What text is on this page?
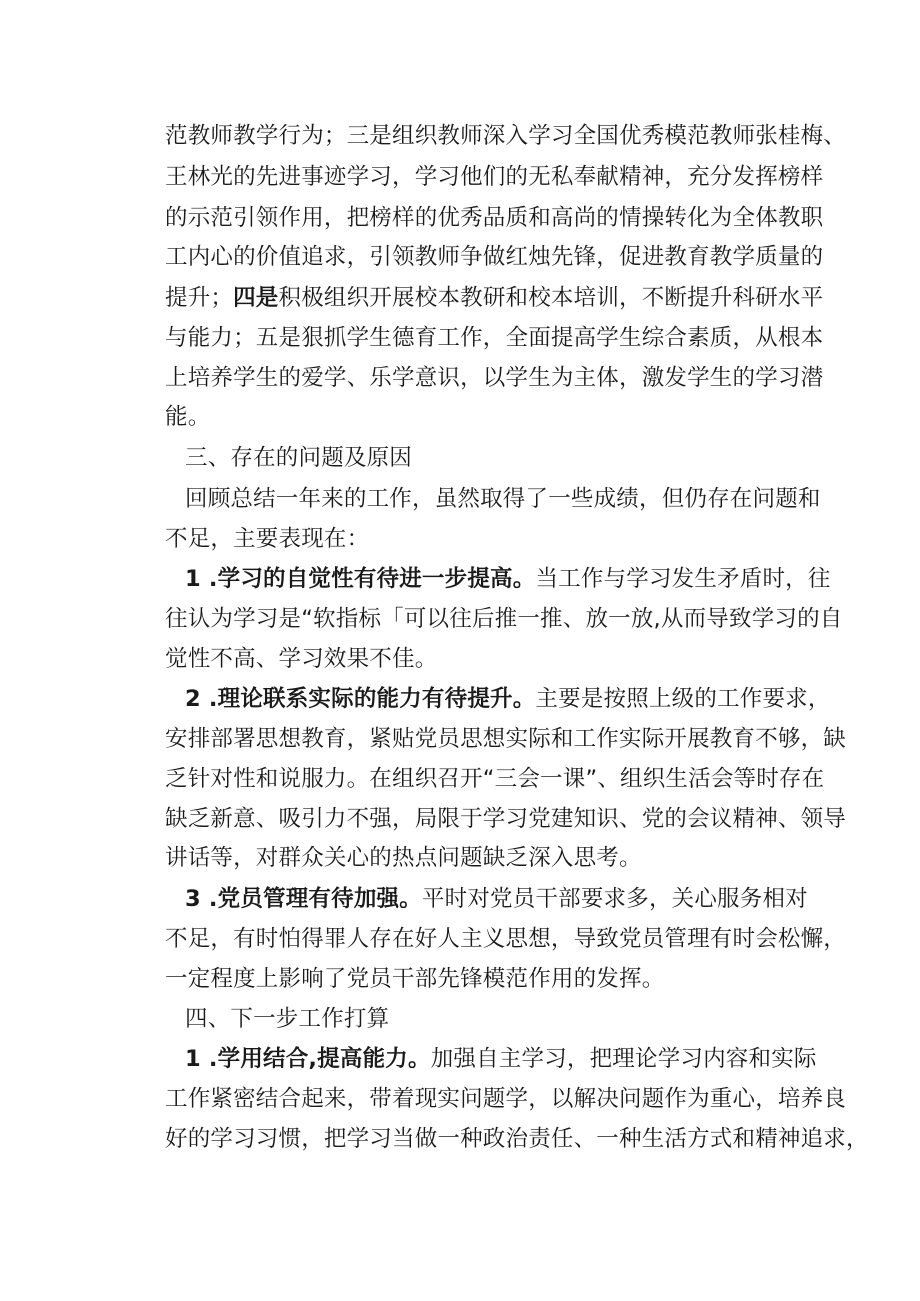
范教师教学行为；三是组织教师深入学习全国优秀模范教师张桂梅、
王林光的先进事迹学习，学习他们的无私奉献精神，充分发挥榜样
的示范引领作用，把榜样的优秀品质和高尚的情操转化为全体教职
工内心的价值追求，引领教师争做红烛先锋，促进教育教学质量的
提升；四是积极组织开展校本教研和校本培训，不断提升科研水平
与能力；五是狠抓学生德育工作，全面提高学生综合素质，从根本
上培养学生的爱学、乐学意识，以学生为主体，激发学生的学习潜
能。
三、存在的问题及原因
回顾总结一年来的工作，虽然取得了一些成绩，但仍存在问题和
不足，主要表现在：
1 .学习的自觉性有待进一步提高。当工作与学习发生矛盾时，往
往认为学习是“软指标「可以往后推一推、放一放,从而导致学习的自
觉性不高、学习效果不佳。
2 .理论联系实际的能力有待提升。主要是按照上级的工作要求，
安排部署思想教育，紧贴党员思想实际和工作实际开展教育不够，缺
乏针对性和说服力。在组织召开“三会一课”、组织生活会等时存在
缺乏新意、吸引力不强，局限于学习党建知识、党的会议精神、领导
讲话等，对群众关心的热点问题缺乏深入思考。
3 .党员管理有待加强。平时对党员干部要求多，关心服务相对
不足，有时怕得罪人存在好人主义思想，导致党员管理有时会松懈，
一定程度上影响了党员干部先锋模范作用的发挥。
四、下一步工作打算
1 .学用结合,提高能力。加强自主学习，把理论学习内容和实际
工作紧密结合起来，带着现实问题学，以解决问题作为重心，培养良
好的学习习惯，把学习当做一种政治责任、一种生活方式和精神追求，
